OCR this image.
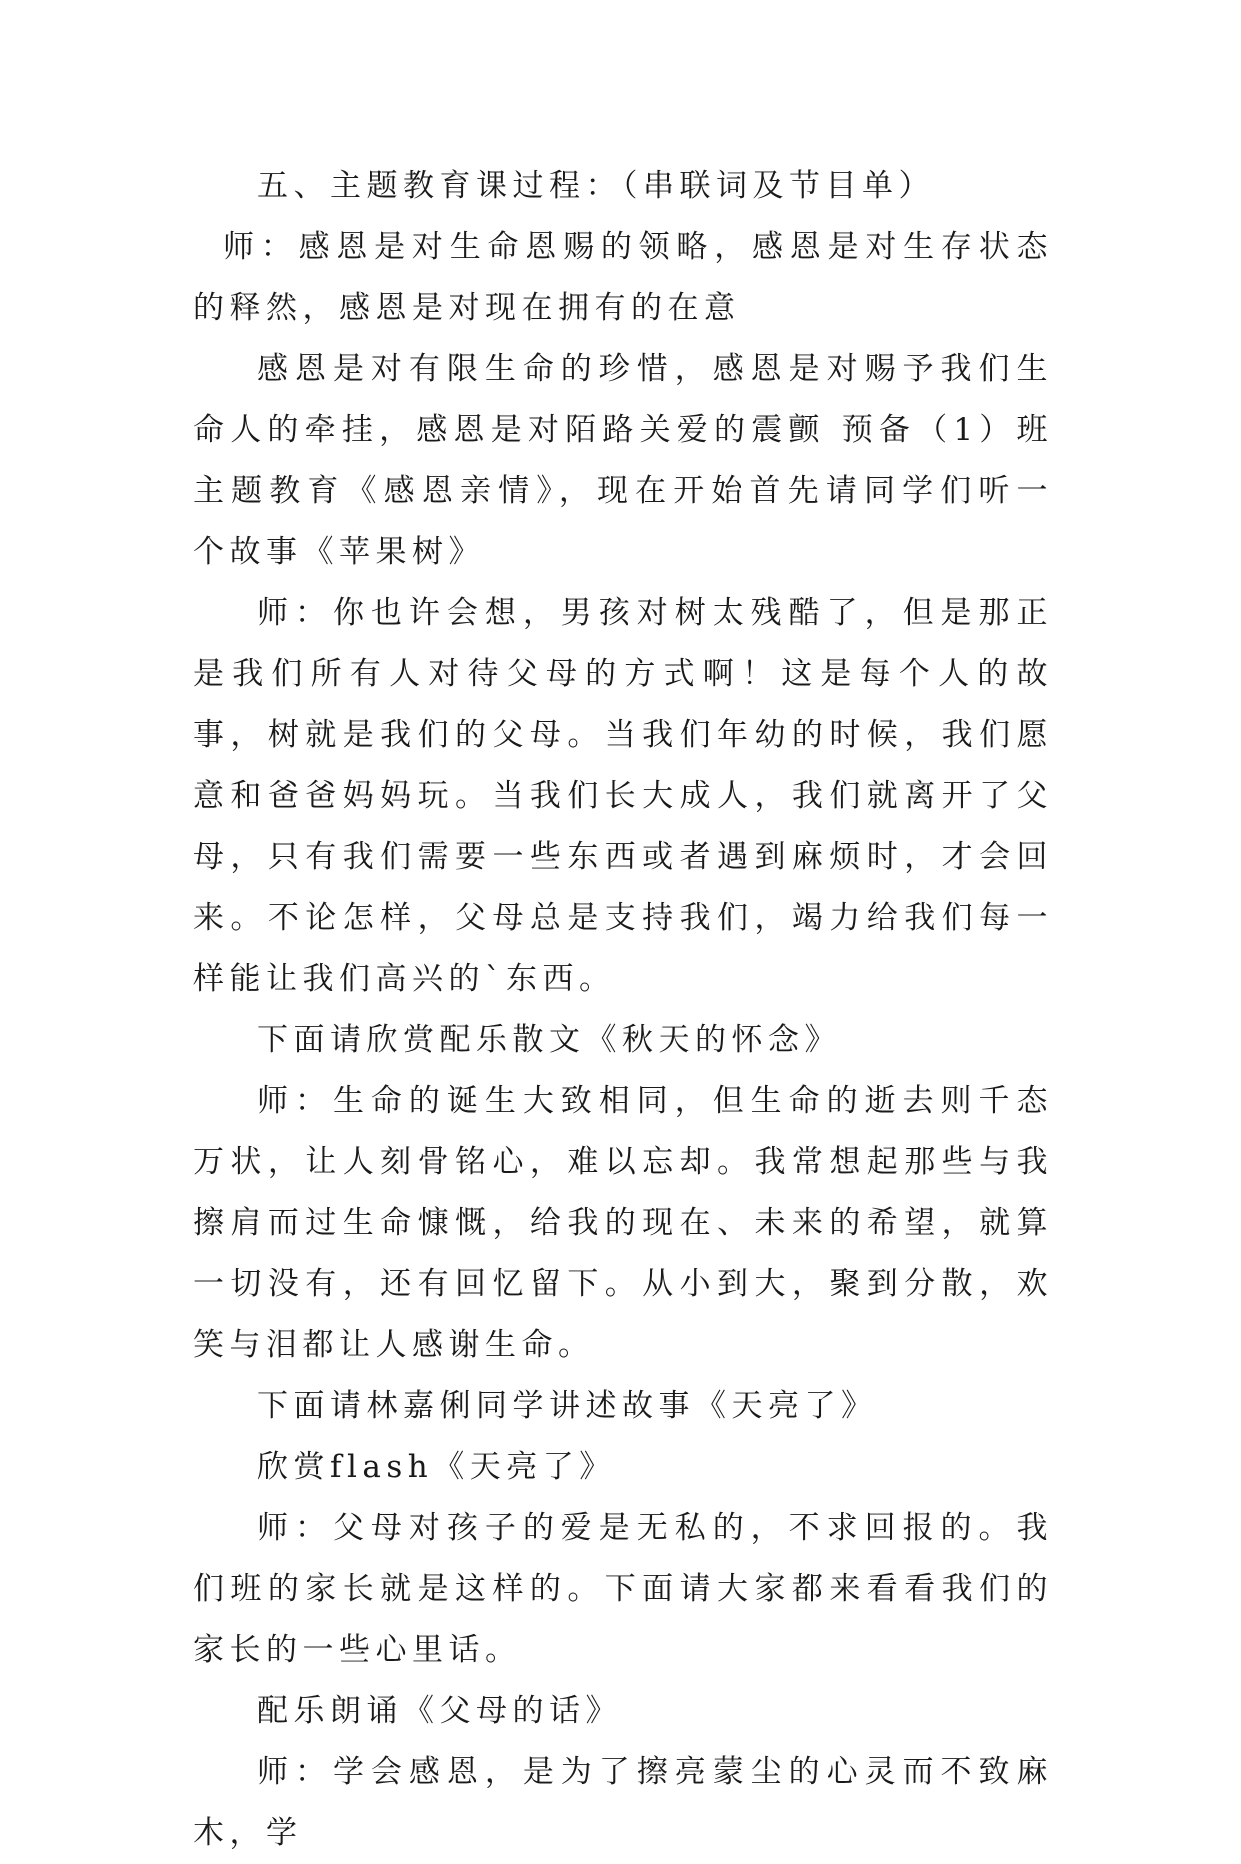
五、主题教育课过程：（串联词及节目单）

师：感恩是对生命恩赐的领略，感恩是对生存状态的释然，感恩是对现在拥有的在意

感恩是对有限生命的珍惜，感恩是对赐予我们生命人的牵挂，感恩是对陌路关爱的震颤 预备（1）班主题教育《感恩亲情》，现在开始首先请同学们听一个故事《苹果树》

师：你也许会想，男孩对树太残酷了，但是那正是我们所有人对待父母的方式啊！这是每个人的故事，树就是我们的父母。当我们年幼的时候，我们愿意和爸爸妈妈玩。当我们长大成人，我们就离开了父母，只有我们需要一些东西或者遇到麻烦时，才会回来。不论怎样，父母总是支持我们，竭力给我们每一样能让我们高兴的`东西。

下面请欣赏配乐散文《秋天的怀念》

师：生命的诞生大致相同，但生命的逝去则千态万状，让人刻骨铭心，难以忘却。我常想起那些与我擦肩而过生命慷慨，给我的现在、未来的希望，就算一切没有，还有回忆留下。从小到大，聚到分散，欢笑与泪都让人感谢生命。

下面请林嘉俐同学讲述故事《天亮了》

欣赏flash《天亮了》

师：父母对孩子的爱是无私的，不求回报的。我们班的家长就是这样的。下面请大家都来看看我们的家长的一些心里话。

配乐朗诵《父母的话》

师：学会感恩，是为了擦亮蒙尘的心灵而不致麻木，学
